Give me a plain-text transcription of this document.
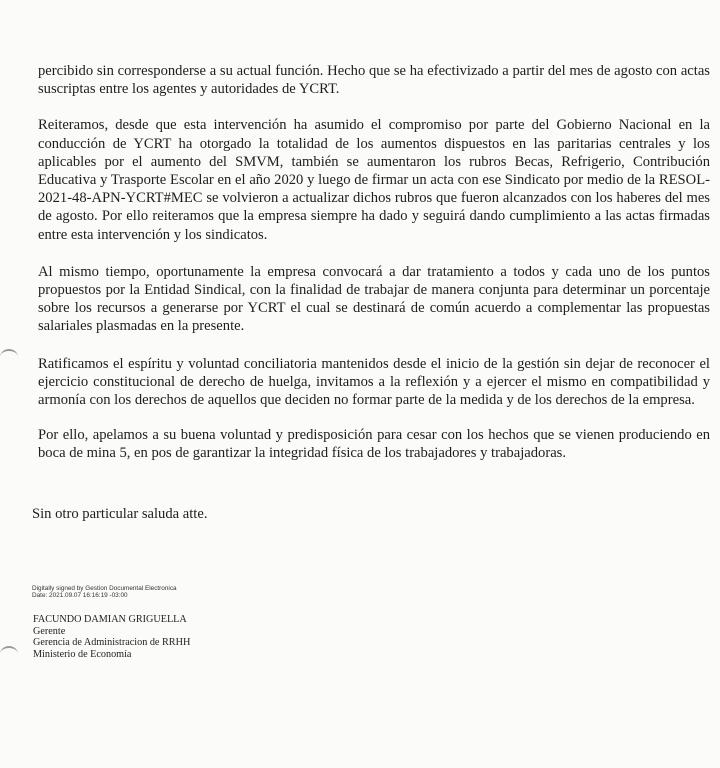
percibido sin corresponderse a su actual función. Hecho que se ha efectivizado a partir del mes de agosto con actas suscriptas entre los agentes y autoridades de YCRT.

Reiteramos, desde que esta intervención ha asumido el compromiso por parte del Gobierno Nacional en la conducción de YCRT ha otorgado la totalidad de los aumentos dispuestos en las paritarias centrales y los aplicables por el aumento del SMVM, también se aumentaron los rubros Becas, Refrigerio, Contribución Educativa y Trasporte Escolar en el año 2020 y luego de firmar un acta con ese Sindicato por medio de la RESOL-2021-48-APN-YCRT#MEC se volvieron a actualizar dichos rubros que fueron alcanzados con los haberes del mes de agosto. Por ello reiteramos que la empresa siempre ha dado y seguirá dando cumplimiento a las actas firmadas entre esta intervención y los sindicatos.

Al mismo tiempo, oportunamente la empresa convocará a dar tratamiento a todos y cada uno de los puntos propuestos por la Entidad Sindical, con la finalidad de trabajar de manera conjunta para determinar un porcentaje sobre los recursos a generarse por YCRT el cual se destinará de común acuerdo a complementar las propuestas salariales plasmadas en la presente.

Ratificamos el espíritu y voluntad conciliatoria mantenidos desde el inicio de la gestión sin dejar de reconocer el ejercicio constitucional de derecho de huelga, invitamos a la reflexión y a ejercer el mismo en compatibilidad y armonía con los derechos de aquellos que deciden no formar parte de la medida y de los derechos de la empresa.

Por ello, apelamos a su buena voluntad y predisposición para cesar con los hechos que se vienen produciendo en boca de mina 5, en pos de garantizar la integridad física de los trabajadores y trabajadoras.

Sin otro particular saluda atte.

Digitally signed by Gestion Documental Electronica
Date: 2021.09.07 16:16:19 -03:00
FACUNDO DAMIAN GRIGUELLA
Gerente
Gerencia de Administracion de RRHH
Ministerio de Economía
